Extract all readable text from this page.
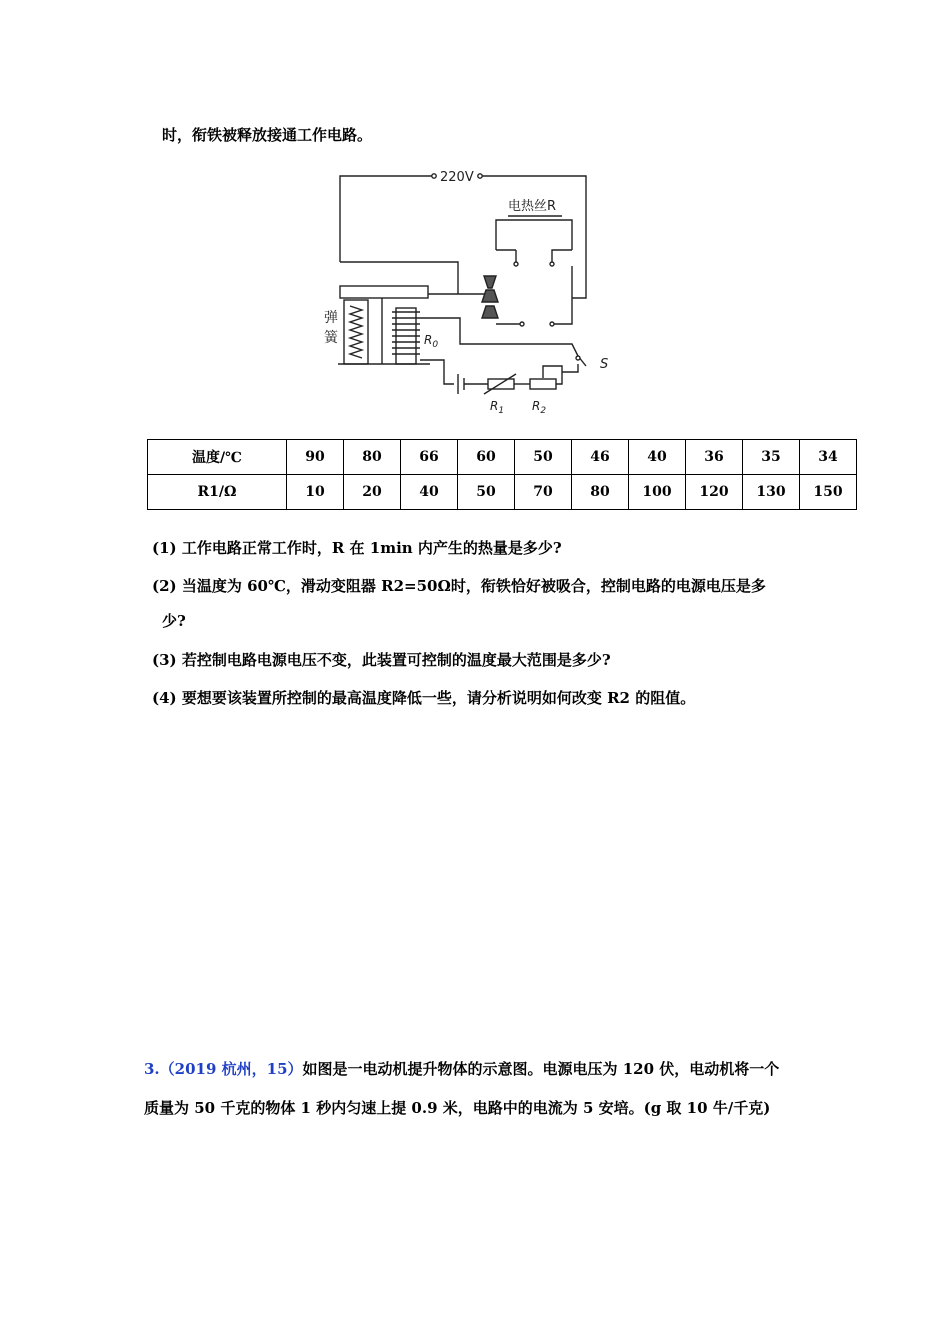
时，衔铁被释放接通工作电路。
220V
电热丝R
弹
簧	$R_0$
$R_1$ $R_2$
S
温度/℃	90	80	66	60	50	46	40	36	35	34
R1/Ω	10	20	40	50	70	80	100	120	130	150
(1) 工作电路正常工作时，R 在 1min 内产生的热量是多少?
(2) 当温度为 60℃，滑动变阻器 R2=50Ω时，衔铁恰好被吸合，控制电路的电源电压是多
少?
(3) 若控制电路电源电压不变，此装置可控制的温度最大范围是多少?
(4) 要想要该装置所控制的最高温度降低一些，请分析说明如何改变 R2 的阻值。
3.（2019 杭州，15）如图是一电动机提升物体的示意图。电源电压为 120 伏，电动机将一个
质量为 50 千克的物体 1 秒内匀速上提 0.9 米，电路中的电流为 5 安培。(g 取 10 牛/千克)
